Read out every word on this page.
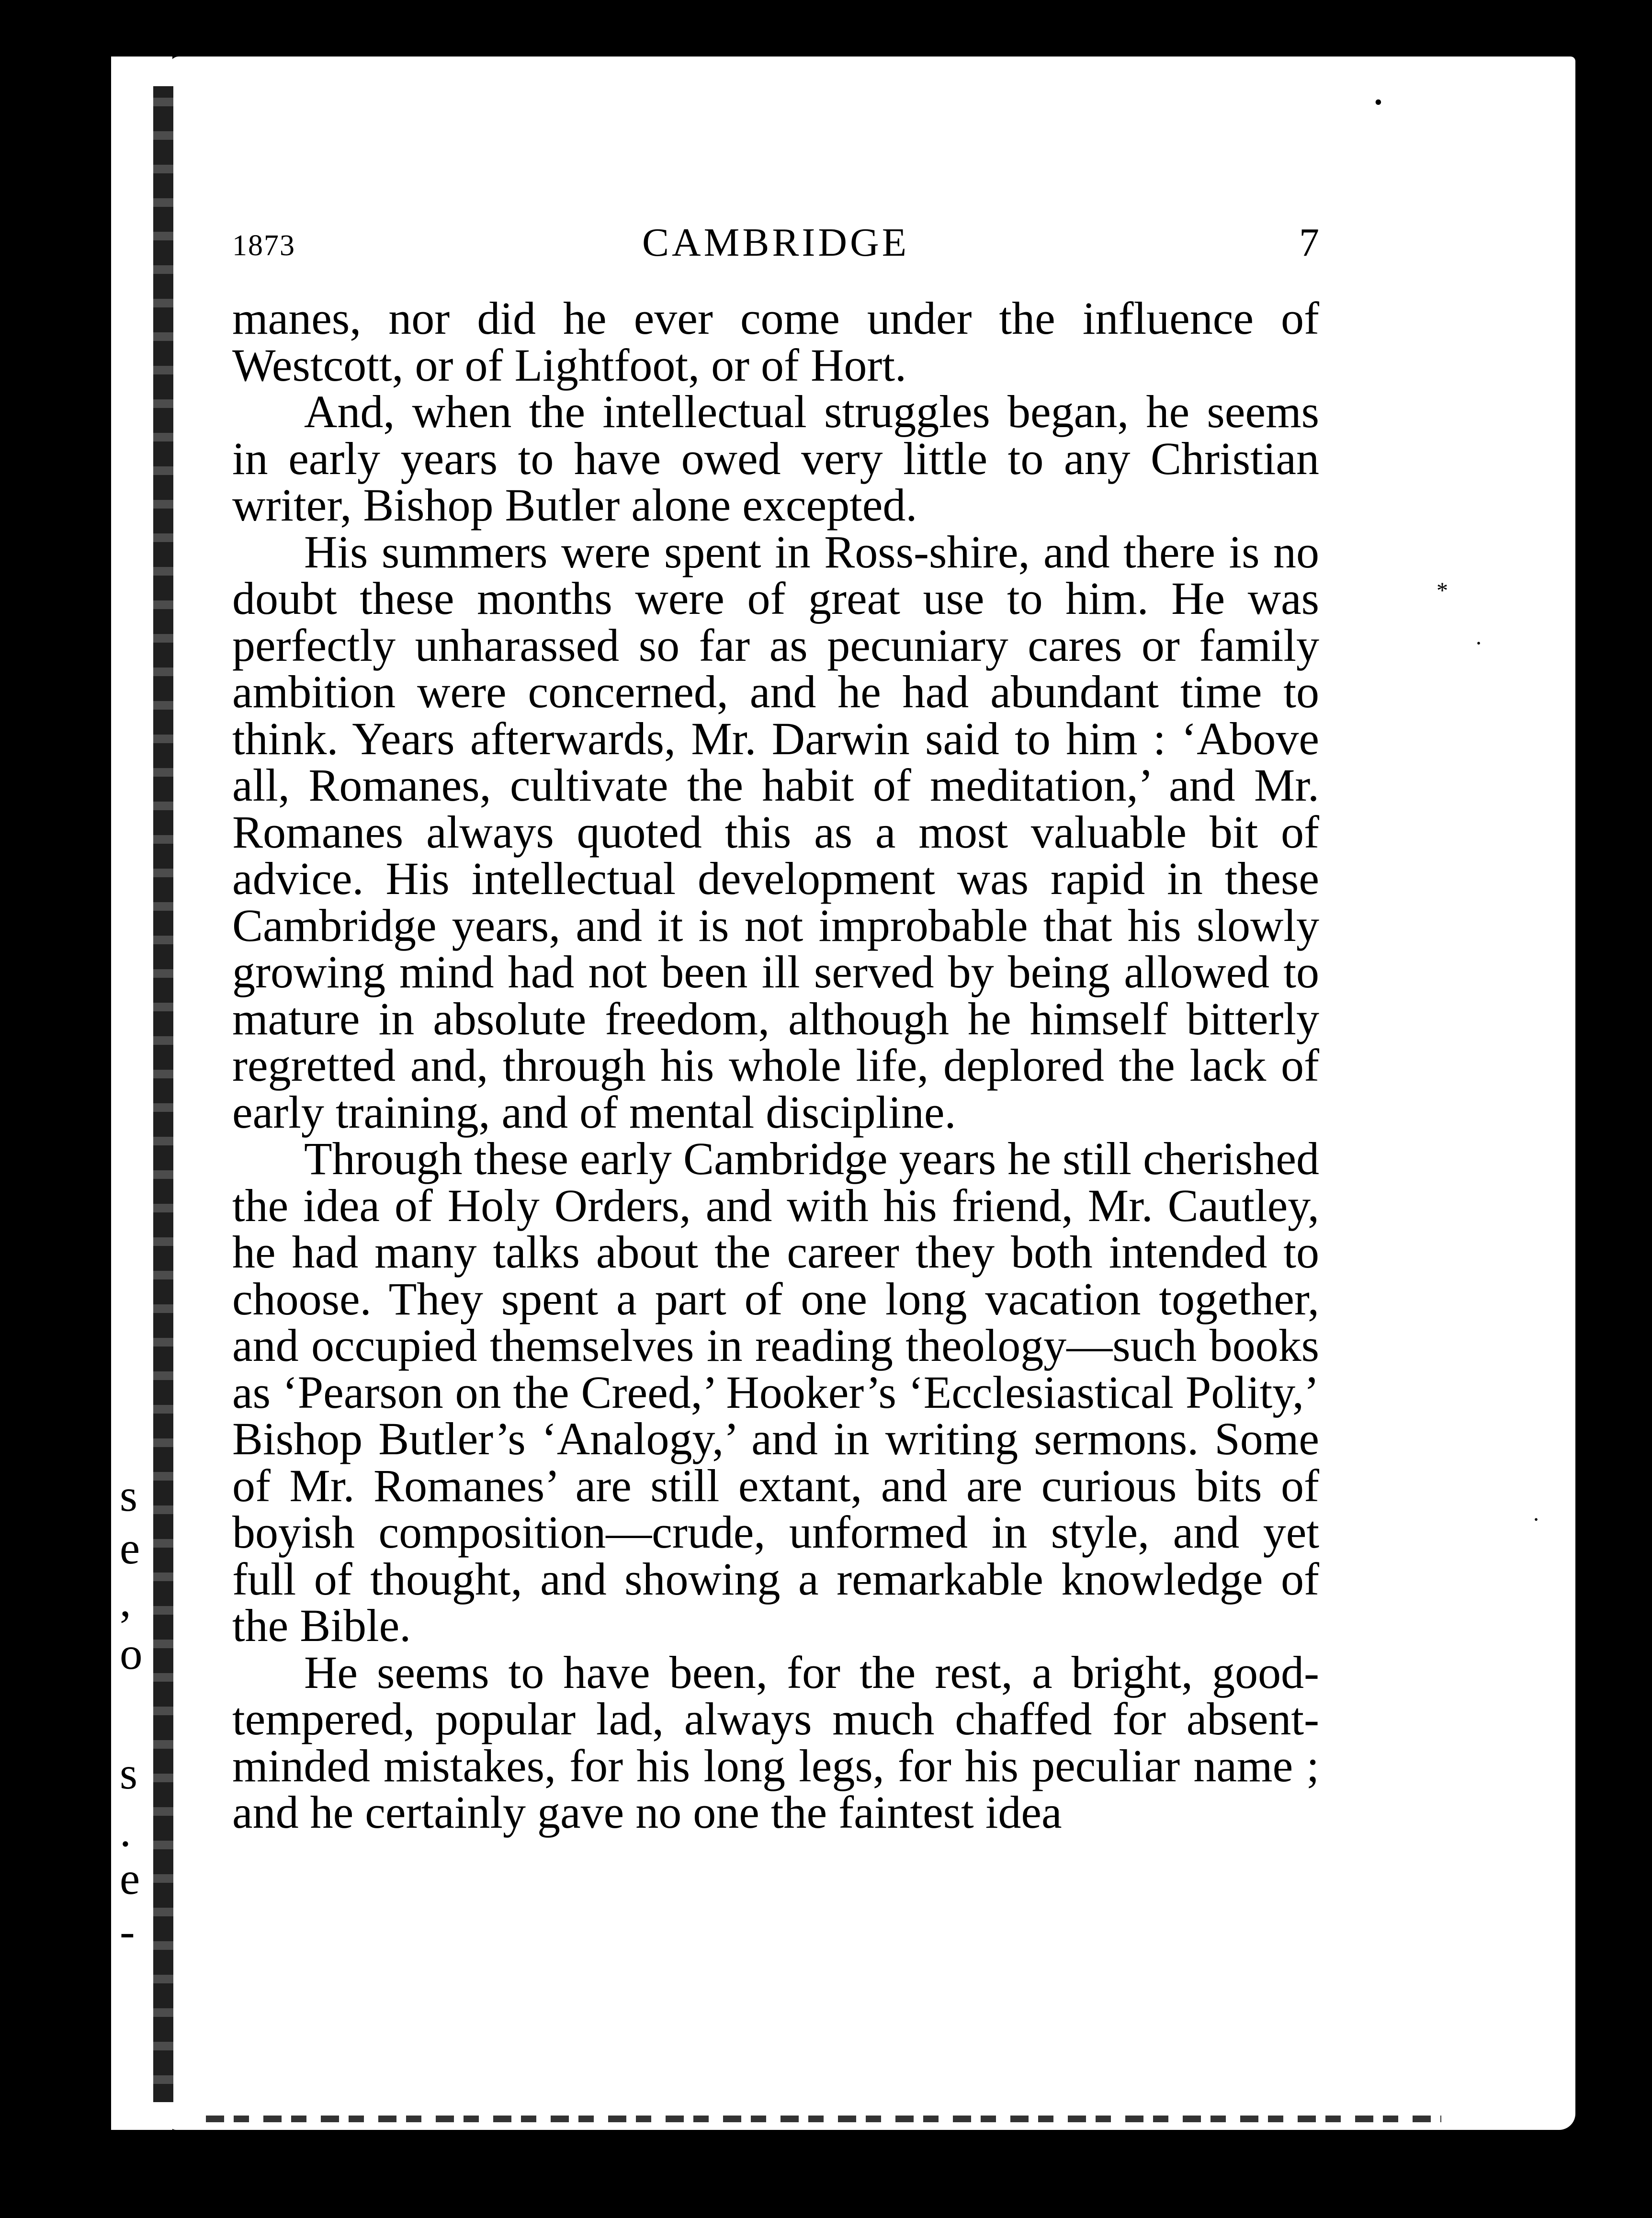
s
e
,
o
s
.
e
-
1873	CAMBRIDGE	7

manes, nor did he ever come under the influence of Westcott, or of Lightfoot, or of Hort.

And, when the intellectual struggles began, he seems in early years to have owed very little to any Christian writer, Bishop Butler alone excepted.

His summers were spent in Ross-shire, and there is no doubt these months were of great use to him. He was perfectly unharassed so far as pecuniary cares or family ambition were concerned, and he had abundant time to think. Years afterwards, Mr. Darwin said to him : ‘Above all, Romanes, cultivate the habit of meditation,’ and Mr. Romanes always quoted this as a most valuable bit of advice. His intellectual development was rapid in these Cambridge years, and it is not improbable that his slowly growing mind had not been ill served by being allowed to mature in absolute freedom, although he himself bitterly regretted and, through his whole life, deplored the lack of early training, and of mental discipline.

Through these early Cambridge years he still cherished the idea of Holy Orders, and with his friend, Mr. Cautley, he had many talks about the career they both intended to choose. They spent a part of one long vacation together, and occupied themselves in reading theology—such books as ‘Pearson on the Creed,’ Hooker’s ‘Ecclesiastical Polity,’ Bishop Butler’s ‘Analogy,’ and in writing sermons. Some of Mr. Romanes’ are still extant, and are curious bits of boyish composition—crude, unformed in style, and yet full of thought, and showing a remarkable knowledge of the Bible.

He seems to have been, for the rest, a bright, good-tempered, popular lad, always much chaffed for absent-minded mistakes, for his long legs, for his peculiar name ; and he certainly gave no one the faintest idea

•
*
·
·
